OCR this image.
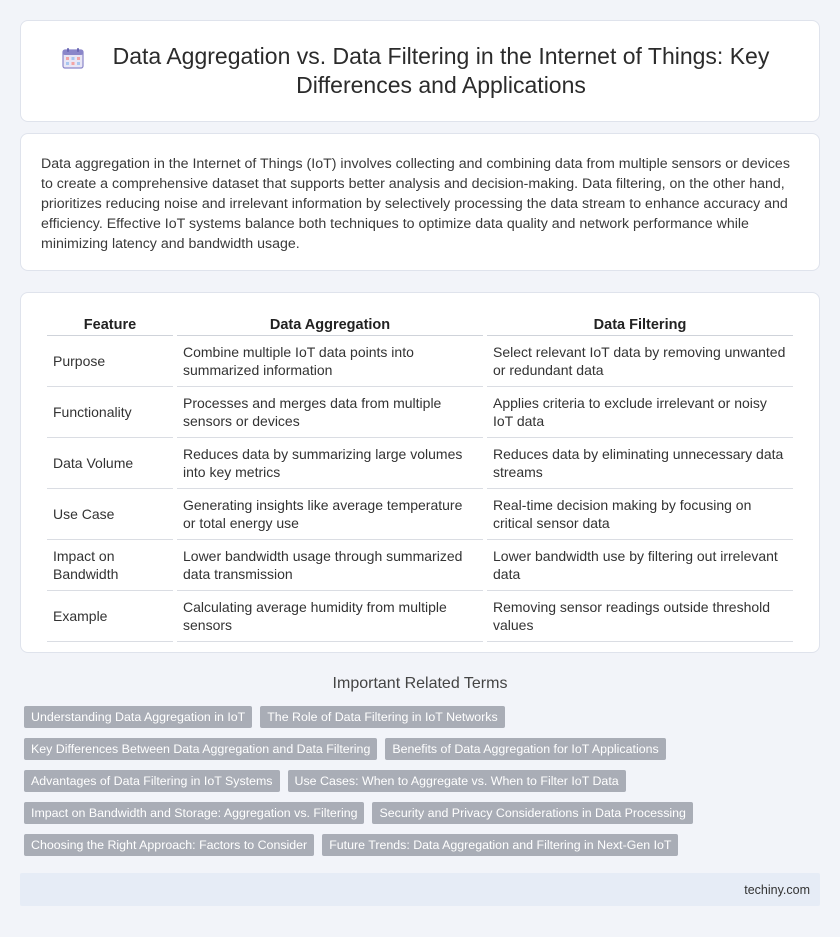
Data Aggregation vs. Data Filtering in the Internet of Things: Key Differences and Applications

Data aggregation in the Internet of Things (IoT) involves collecting and combining data from multiple sensors or devices to create a comprehensive dataset that supports better analysis and decision-making. Data filtering, on the other hand, prioritizes reducing noise and irrelevant information by selectively processing the data stream to enhance accuracy and efficiency. Effective IoT systems balance both techniques to optimize data quality and network performance while minimizing latency and bandwidth usage.

Feature	Data Aggregation	Data Filtering
Purpose	Combine multiple IoT data points into summarized information	Select relevant IoT data by removing unwanted or redundant data
Functionality	Processes and merges data from multiple sensors or devices	Applies criteria to exclude irrelevant or noisy IoT data
Data Volume	Reduces data by summarizing large volumes into key metrics	Reduces data by eliminating unnecessary data streams
Use Case	Generating insights like average temperature or total energy use	Real-time decision making by focusing on critical sensor data
Impact on Bandwidth	Lower bandwidth usage through summarized data transmission	Lower bandwidth use by filtering out irrelevant data
Example	Calculating average humidity from multiple sensors	Removing sensor readings outside threshold values
Important Related Terms
Understanding Data Aggregation in IoT	The Role of Data Filtering in IoT Networks
Key Differences Between Data Aggregation and Data Filtering	Benefits of Data Aggregation for IoT Applications
Advantages of Data Filtering in IoT Systems	Use Cases: When to Aggregate vs. When to Filter IoT Data
Impact on Bandwidth and Storage: Aggregation vs. Filtering	Security and Privacy Considerations in Data Processing
Choosing the Right Approach: Factors to Consider	Future Trends: Data Aggregation and Filtering in Next-Gen IoT
techiny.com
